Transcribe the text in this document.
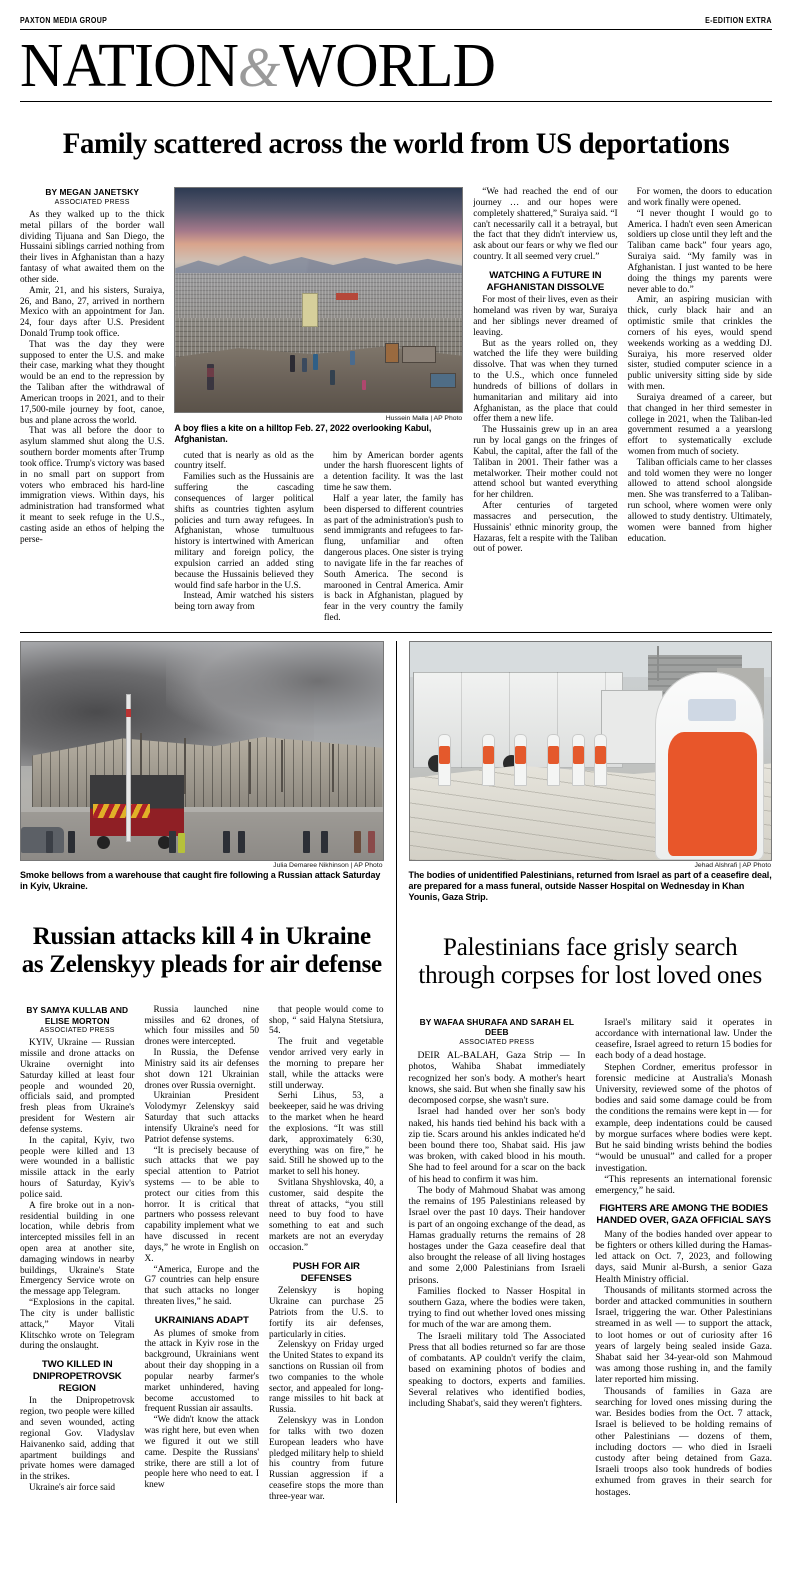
PAXTON MEDIA GROUP	E-EDITION EXTRA
NATION&WORLD
Family scattered across the world from US deportations
BY MEGAN JANETSKY
ASSOCIATED PRESS

As they walked up to the thick metal pillars of the border wall dividing Tijuana and San Diego, the Hussaini siblings carried nothing from their lives in Afghanistan than a hazy fantasy of what awaited them on the other side.

Amir, 21, and his sisters, Suraiya, 26, and Bano, 27, arrived in northern Mexico with an appointment for Jan. 24, four days after U.S. President Donald Trump took office.

That was the day they were supposed to enter the U.S. and make their case, marking what they thought would be an end to the repression by the Taliban after the withdrawal of American troops in 2021, and to their 17,500-mile journey by foot, canoe, bus and plane across the world.

That was all before the door to asylum slammed shut along the U.S. southern border moments after Trump took office. Trump's victory was based in no small part on support from voters who embraced his hard-line immigration views. Within days, his administration had transformed what it meant to seek refuge in the U.S., casting aside an ethos of helping the perse-

Hussein Malla | AP Photo
A boy flies a kite on a hilltop Feb. 27, 2022 overlooking Kabul, Afghanistan.

cuted that is nearly as old as the country itself.

Families such as the Hussainis are suffering the cascading consequences of larger political shifts as countries tighten asylum policies and turn away refugees. In Afghanistan, whose tumultuous history is intertwined with American military and foreign policy, the expulsion carried an added sting because the Hussainis believed they would find safe harbor in the U.S.

Instead, Amir watched his sisters being torn away from

him by American border agents under the harsh fluorescent lights of a detention facility. It was the last time he saw them.

Half a year later, the family has been dispersed to different countries as part of the administration's push to send immigrants and refugees to far-flung, unfamiliar and often dangerous places. One sister is trying to navigate life in the far reaches of South America. The second is marooned in Central America. Amir is back in Afghanistan, plagued by fear in the very country the family fled.

“We had reached the end of our journey … and our hopes were completely shattered,” Suraiya said. “I can't necessarily call it a betrayal, but the fact that they didn't interview us, ask about our fears or why we fled our country. It all seemed very cruel.”

WATCHING A FUTURE IN AFGHANISTAN DISSOLVE

For most of their lives, even as their homeland was riven by war, Suraiya and her siblings never dreamed of leaving.

But as the years rolled on, they watched the life they were building dissolve. That was when they turned to the U.S., which once funneled hundreds of billions of dollars in humanitarian and military aid into Afghanistan, as the place that could offer them a new life.

The Hussainis grew up in an area run by local gangs on the fringes of Kabul, the capital, after the fall of the Taliban in 2001. Their father was a metalworker. Their mother could not attend school but wanted everything for her children.

After centuries of targeted massacres and persecution, the Hussainis' ethnic minority group, the Hazaras, felt a respite with the Taliban out of power.

For women, the doors to education and work finally were opened.

“I never thought I would go to America. I hadn't even seen American soldiers up close until they left and the Taliban came back” four years ago, Suraiya said. “My family was in Afghanistan. I just wanted to be here doing the things my parents were never able to do.”

Amir, an aspiring musician with thick, curly black hair and an optimistic smile that crinkles the corners of his eyes, would spend weekends working as a wedding DJ. Suraiya, his more reserved older sister, studied computer science in a public university sitting side by side with men.

Suraiya dreamed of a career, but that changed in her third semester in college in 2021, when the Taliban-led government resumed a a yearslong effort to systematically exclude women from much of society.

Taliban officials came to her classes and told women they were no longer allowed to attend school alongside men. She was transferred to a Taliban-run school, where women were only allowed to study dentistry. Ultimately, women were banned from higher education.

Julia Demaree Nikhinson | AP Photo
Smoke bellows from a warehouse that caught fire following a Russian attack Saturday in Kyiv, Ukraine.
Russian attacks kill 4 in Ukraine as Zelenskyy pleads for air defense
BY SAMYA KULLAB AND ELISE MORTON
ASSOCIATED PRESS

KYIV, Ukraine — Russian missile and drone attacks on Ukraine overnight into Saturday killed at least four people and wounded 20, officials said, and prompted fresh pleas from Ukraine's president for Western air defense systems.

In the capital, Kyiv, two people were killed and 13 were wounded in a ballistic missile attack in the early hours of Saturday, Kyiv's police said.

A fire broke out in a non-residential building in one location, while debris from intercepted missiles fell in an open area at another site, damaging windows in nearby buildings, Ukraine's State Emergency Service wrote on the message app Telegram.

“Explosions in the capital. The city is under ballistic attack,” Mayor Vitali Klitschko wrote on Telegram during the onslaught.

TWO KILLED IN DNIPROPETROVSK REGION

In the Dnipropetrovsk region, two people were killed and seven wounded, acting regional Gov. Vladyslav Haivanenko said, adding that apartment buildings and private homes were damaged in the strikes.

Ukraine's air force said

Russia launched nine missiles and 62 drones, of which four missiles and 50 drones were intercepted.

In Russia, the Defense Ministry said its air defenses shot down 121 Ukrainian drones over Russia overnight.

Ukrainian President Volodymyr Zelenskyy said Saturday that such attacks intensify Ukraine's need for Patriot defense systems.

“It is precisely because of such attacks that we pay special attention to Patriot systems — to be able to protect our cities from this horror. It is critical that partners who possess relevant capability implement what we have discussed in recent days,” he wrote in English on X.

“America, Europe and the G7 countries can help ensure that such attacks no longer threaten lives,” he said.

UKRAINIANS ADAPT

As plumes of smoke from the attack in Kyiv rose in the background, Ukrainians went about their day shopping in a popular nearby farmer's market unhindered, having become accustomed to frequent Russian air assaults.

“We didn't know the attack was right here, but even when we figured it out we still came. Despite the Russians' strike, there are still a lot of people here who need to eat. I knew

that people would come to shop, “ said Halyna Stetsiura, 54.

The fruit and vegetable vendor arrived very early in the morning to prepare her stall, while the attacks were still underway.

Serhi Lihus, 53, a beekeeper, said he was driving to the market when he heard the explosions. “It was still dark, approximately 6:30, everything was on fire,” he said. Still he showed up to the market to sell his honey.

Svitlana Shyshlovska, 40, a customer, said despite the threat of attacks, “you still need to buy food to have something to eat and such markets are not an everyday occasion.”

PUSH FOR AIR DEFENSES

Zelenskyy is hoping Ukraine can purchase 25 Patriots from the U.S. to fortify its air defenses, particularly in cities.

Zelenskyy on Friday urged the United States to expand its sanctions on Russian oil from two companies to the whole sector, and appealed for long-range missiles to hit back at Russia.

Zelenskyy was in London for talks with two dozen European leaders who have pledged military help to shield his country from future Russian aggression if a ceasefire stops the more than three-year war.

Jehad Alshrafi | AP Photo
The bodies of unidentified Palestinians, returned from Israel as part of a ceasefire deal, are prepared for a mass funeral, outside Nasser Hospital on Wednesday in Khan Younis, Gaza Strip.
Palestinians face grisly search through corpses for lost loved ones
BY WAFAA SHURAFA AND SARAH EL DEEB
ASSOCIATED PRESS

DEIR AL-BALAH, Gaza Strip — In photos, Wahiba Shabat immediately recognized her son's body. A mother's heart knows, she said. But when she finally saw his decomposed corpse, she wasn't sure.

Israel had handed over her son's body naked, his hands tied behind his back with a zip tie. Scars around his ankles indicated he'd been bound there too, Shabat said. His jaw was broken, with caked blood in his mouth. She had to feel around for a scar on the back of his head to confirm it was him.

The body of Mahmoud Shabat was among the remains of 195 Palestinians released by Israel over the past 10 days. Their handover is part of an ongoing exchange of the dead, as Hamas gradually returns the remains of 28 hostages under the Gaza ceasefire deal that also brought the release of all living hostages and some 2,000 Palestinians from Israeli prisons.

Families flocked to Nasser Hospital in southern Gaza, where the bodies were taken, trying to find out whether loved ones missing for much of the war are among them.

The Israeli military told The Associated Press that all bodies returned so far are those of combatants. AP couldn't verify the claim, based on examining photos of bodies and speaking to doctors, experts and families. Several relatives who identified bodies, including Shabat's, said they weren't fighters.

Israel's military said it operates in accordance with international law. Under the ceasefire, Israel agreed to return 15 bodies for each body of a dead hostage.

Stephen Cordner, emeritus professor in forensic medicine at Australia's Monash University, reviewed some of the photos of bodies and said some damage could be from the conditions the remains were kept in — for example, deep indentations could be caused by morgue surfaces where bodies were kept. But he said binding wrists behind the bodies “would be unusual” and called for a proper investigation.

“This represents an international forensic emergency,” he said.

FIGHTERS ARE AMONG THE BODIES HANDED OVER, GAZA OFFICIAL SAYS

Many of the bodies handed over appear to be fighters or others killed during the Hamas-led attack on Oct. 7, 2023, and following days, said Munir al-Bursh, a senior Gaza Health Ministry official.

Thousands of militants stormed across the border and attacked communities in southern Israel, triggering the war. Other Palestinians streamed in as well — to support the attack, to loot homes or out of curiosity after 16 years of largely being sealed inside Gaza. Shabat said her 34-year-old son Mahmoud was among those rushing in, and the family later reported him missing.

Thousands of families in Gaza are searching for loved ones missing during the war. Besides bodies from the Oct. 7 attack, Israel is believed to be holding remains of other Palestinians — dozens of them, including doctors — who died in Israeli custody after being detained from Gaza. Israeli troops also took hundreds of bodies exhumed from graves in their search for hostages.
